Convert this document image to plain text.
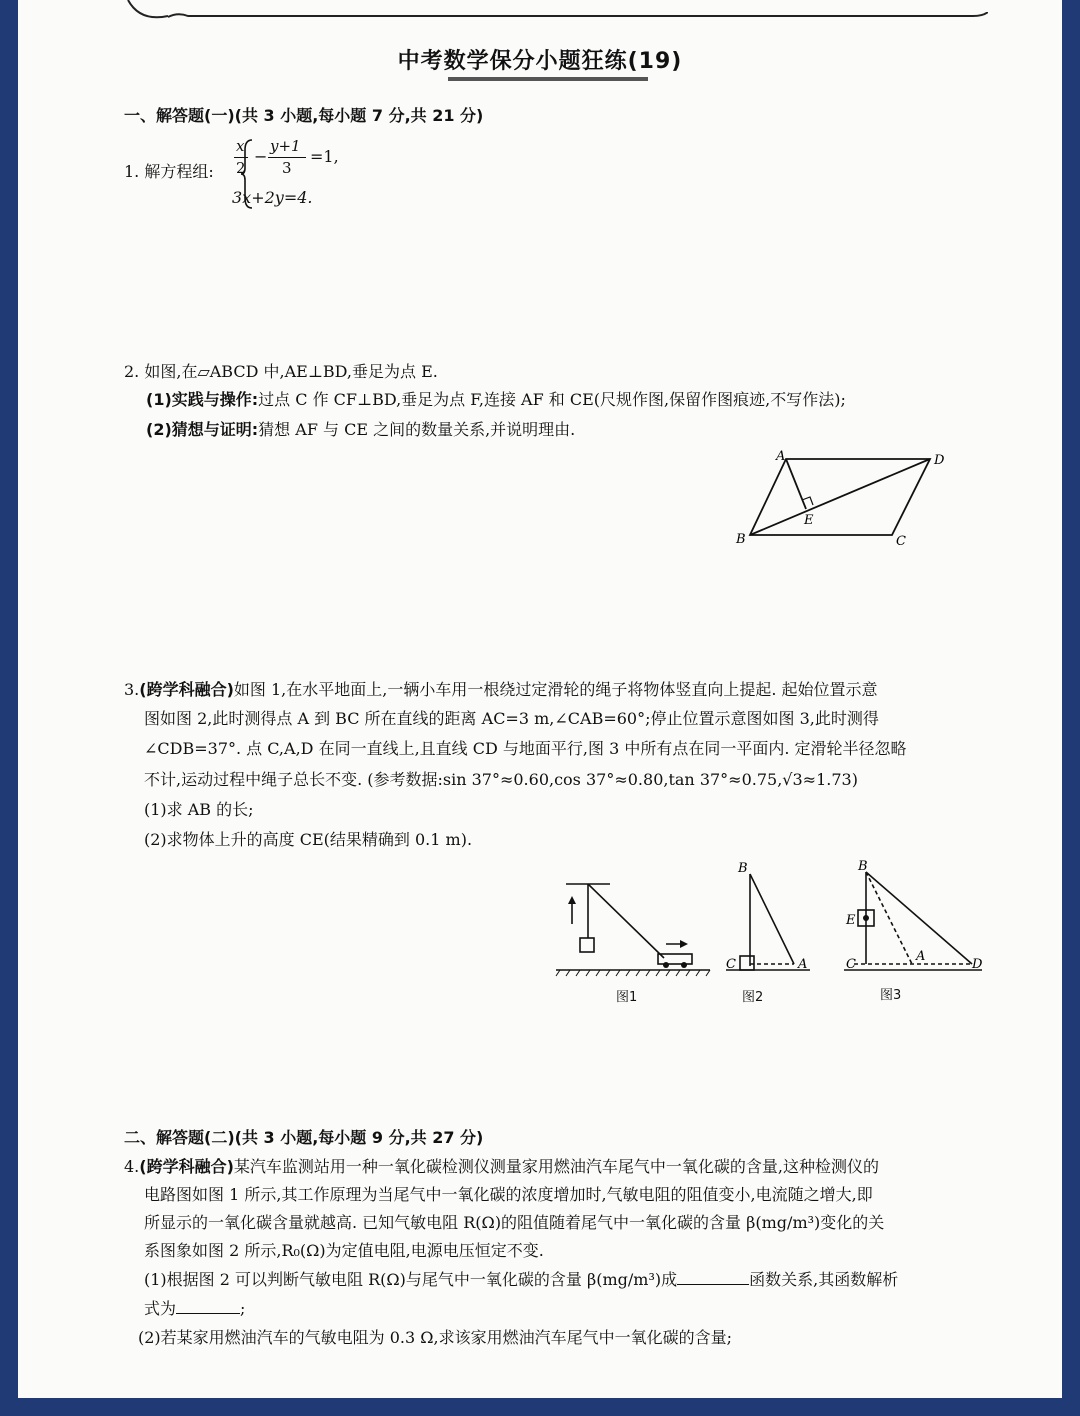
中考数学保分小题狂练(19)
一、解答题(一)(共 3 小题,每小题 7 分,共 21 分)
1. 解方程组:
x
2
−
y+1
3
=1,
3x+2y=4.
2. 如图,在▱ABCD 中,AE⊥BD,垂足为点 E.
(1)实践与操作:过点 C 作 CF⊥BD,垂足为点 F,连接 AF 和 CE(尺规作图,保留作图痕迹,不写作法);
(2)猜想与证明:猜想 AF 与 CE 之间的数量关系,并说明理由.
A	D
B	C
E
3.(跨学科融合)如图 1,在水平地面上,一辆小车用一根绕过定滑轮的绳子将物体竖直向上提起. 起始位置示意
图如图 2,此时测得点 A 到 BC 所在直线的距离 AC=3 m,∠CAB=60°;停止位置示意图如图 3,此时测得
∠CDB=37°. 点 C,A,D 在同一直线上,且直线 CD 与地面平行,图 3 中所有点在同一平面内. 定滑轮半径忽略
不计,运动过程中绳子总长不变. (参考数据:sin 37°≈0.60,cos 37°≈0.80,tan 37°≈0.75,√3≈1.73)
(1)求 AB 的长;
(2)求物体上升的高度 CE(结果精确到 0.1 m).
图1
B
C	A
图2
B
E
C
A
D
图3
二、解答题(二)(共 3 小题,每小题 9 分,共 27 分)
4.(跨学科融合)某汽车监测站用一种一氧化碳检测仪测量家用燃油汽车尾气中一氧化碳的含量,这种检测仪的
电路图如图 1 所示,其工作原理为当尾气中一氧化碳的浓度增加时,气敏电阻的阻值变小,电流随之增大,即
所显示的一氧化碳含量就越高. 已知气敏电阻 R(Ω)的阻值随着尾气中一氧化碳的含量 β(mg/m³)变化的关
系图象如图 2 所示,R₀(Ω)为定值电阻,电源电压恒定不变.
(1)根据图 2 可以判断气敏电阻 R(Ω)与尾气中一氧化碳的含量 β(mg/m³)成	函数关系,其函数解析
式为	;
(2)若某家用燃油汽车的气敏电阻为 0.3 Ω,求该家用燃油汽车尾气中一氧化碳的含量;
